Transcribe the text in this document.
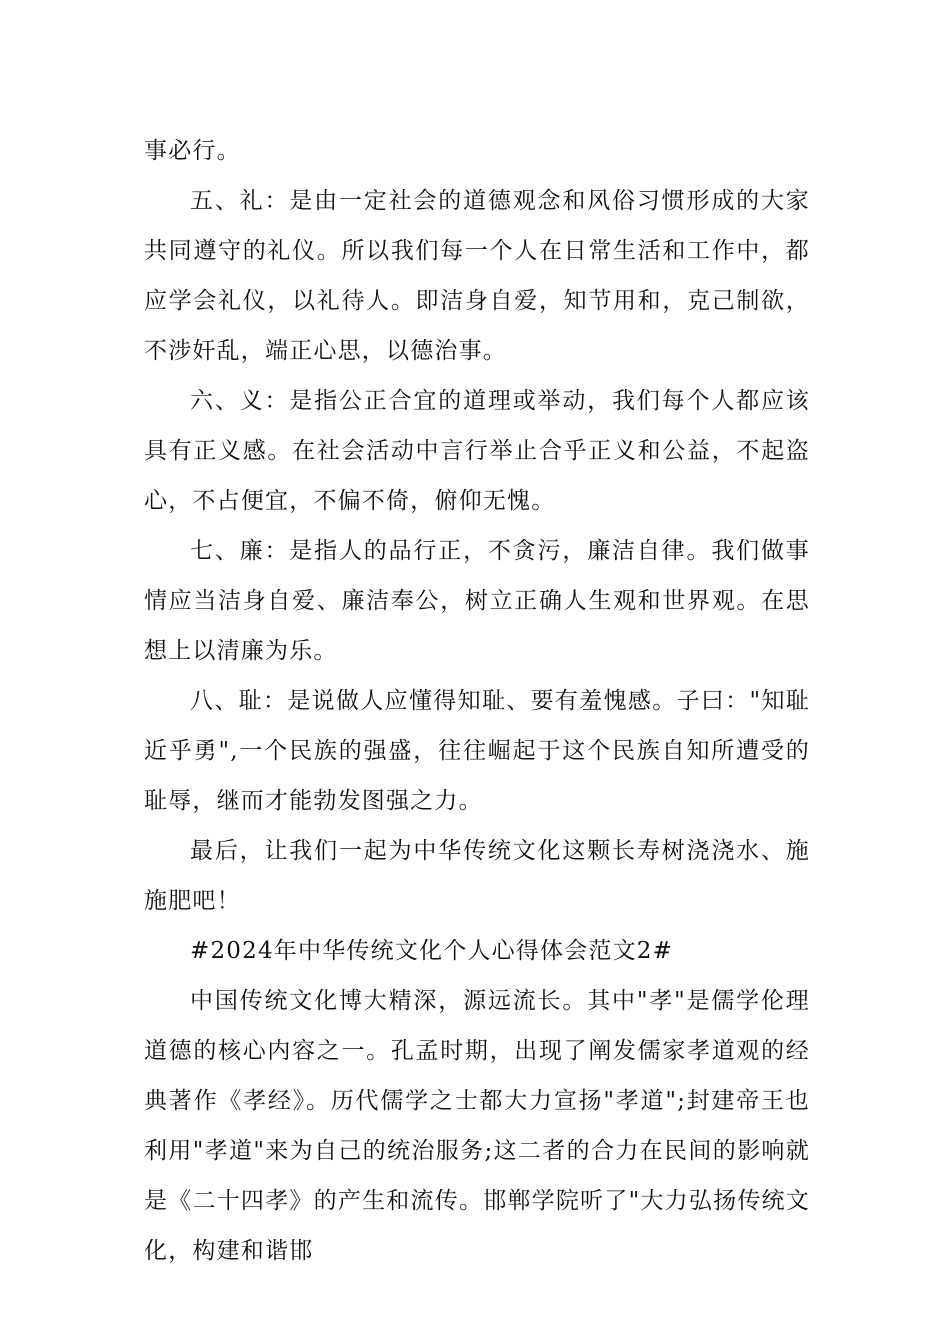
事必行。

五、礼：是由一定社会的道德观念和风俗习惯形成的大家共同遵守的礼仪。所以我们每一个人在日常生活和工作中，都应学会礼仪，以礼待人。即洁身自爱，知节用和，克己制欲，不涉奸乱，端正心思，以德治事。

六、义：是指公正合宜的道理或举动，我们每个人都应该具有正义感。在社会活动中言行举止合乎正义和公益，不起盗心，不占便宜，不偏不倚，俯仰无愧。

七、廉：是指人的品行正，不贪污，廉洁自律。我们做事情应当洁身自爱、廉洁奉公，树立正确人生观和世界观。在思想上以清廉为乐。

八、耻：是说做人应懂得知耻、要有羞愧感。子曰："知耻近乎勇",一个民族的强盛，往往崛起于这个民族自知所遭受的耻辱，继而才能勃发图强之力。

最后，让我们一起为中华传统文化这颗长寿树浇浇水、施施肥吧！

#2024年中华传统文化个人心得体会范文2#

中国传统文化博大精深，源远流长。其中"孝"是儒学伦理道德的核心内容之一。孔孟时期，出现了阐发儒家孝道观的经典著作《孝经》。历代儒学之士都大力宣扬"孝道";封建帝王也利用"孝道"来为自己的统治服务;这二者的合力在民间的影响就是《二十四孝》的产生和流传。邯郸学院听了"大力弘扬传统文化，构建和谐邯
